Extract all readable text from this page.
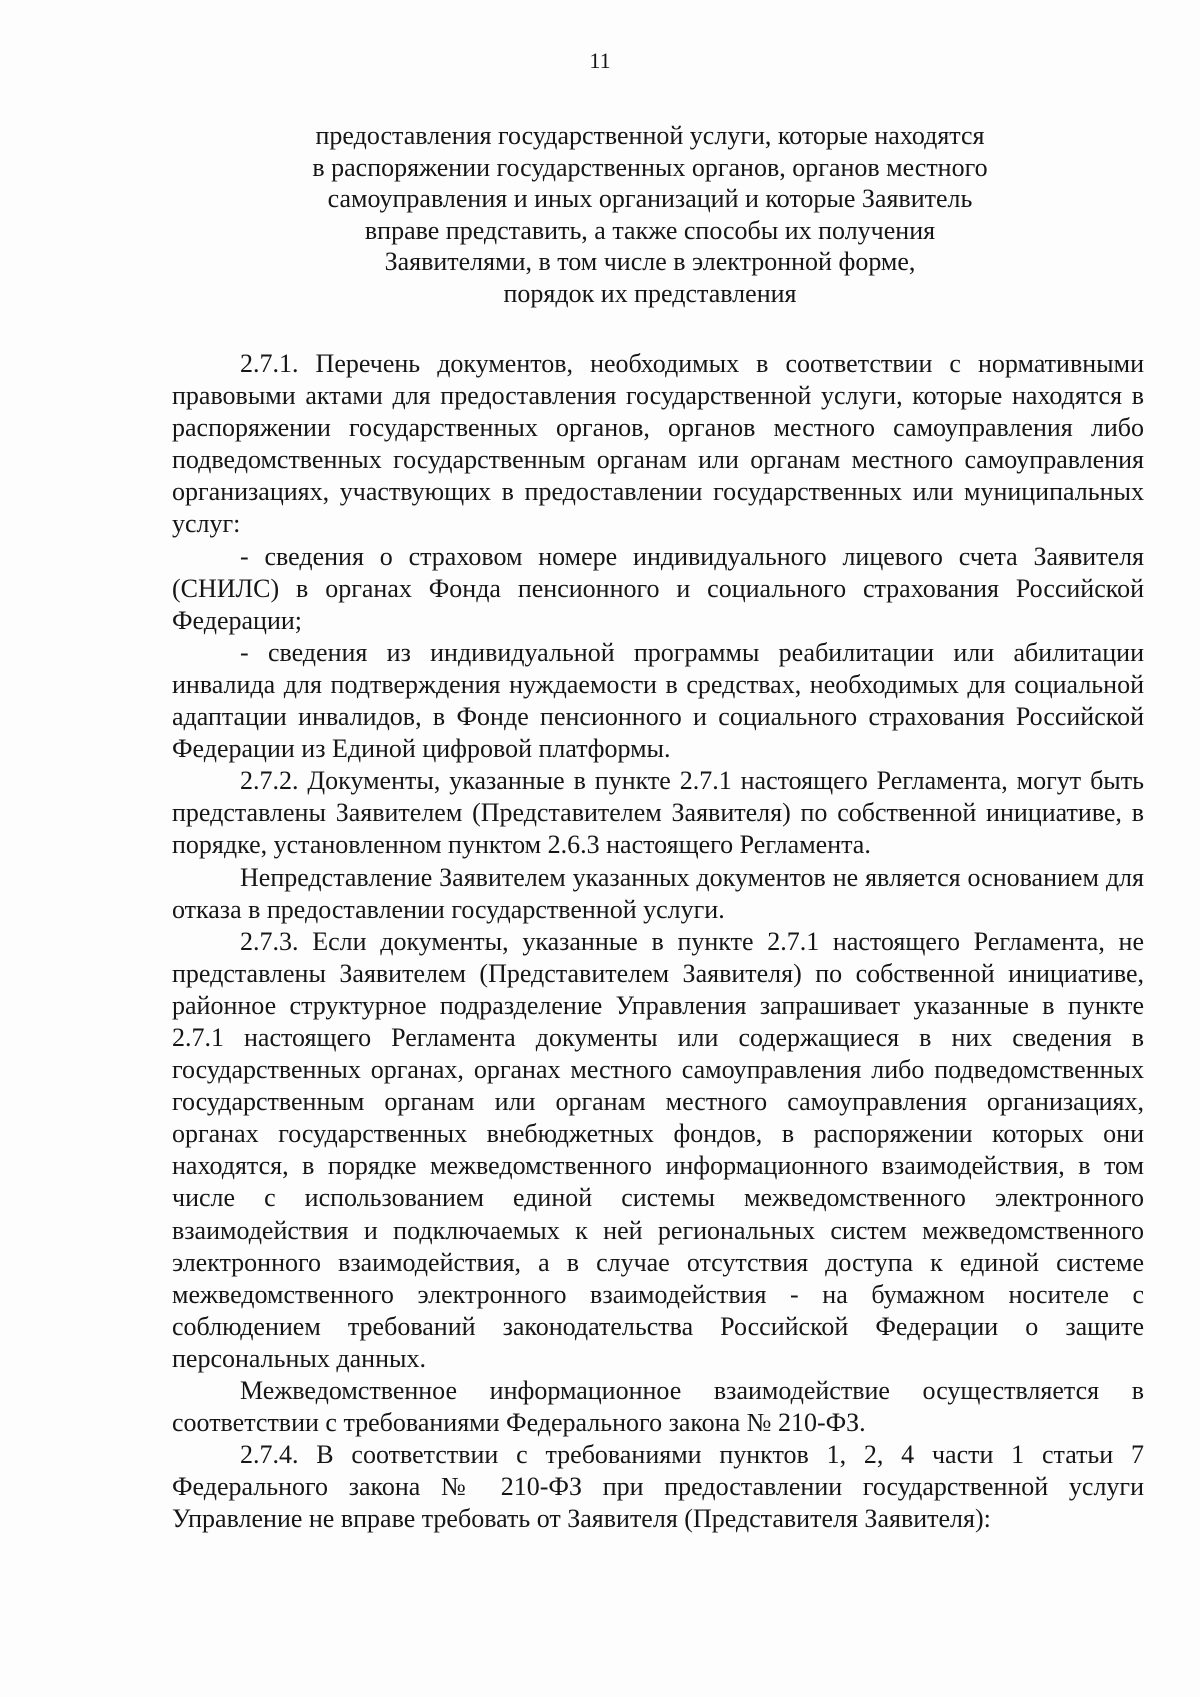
11
предоставления государственной услуги, которые находятся
в распоряжении государственных органов, органов местного
самоуправления и иных организаций и которые Заявитель
вправе представить, а также способы их получения
Заявителями, в том числе в электронной форме,
порядок их представления

2.7.1. Перечень документов, необходимых в соответствии с нормативными правовыми актами для предоставления государственной услуги, которые находятся в распоряжении государственных органов, органов местного самоуправления либо подведомственных государственным органам или органам местного самоуправления организациях, участвующих в предоставлении государственных или муниципальных услуг:

- сведения о страховом номере индивидуального лицевого счета Заявителя (СНИЛС) в органах Фонда пенсионного и социального страхования Российской Федерации;

- сведения из индивидуальной программы реабилитации или абилитации инвалида для подтверждения нуждаемости в средствах, необходимых для социальной адаптации инвалидов, в Фонде пенсионного и социального страхования Российской Федерации из Единой цифровой платформы.

2.7.2. Документы, указанные в пункте 2.7.1 настоящего Регламента, могут быть представлены Заявителем (Представителем Заявителя) по собственной инициативе, в порядке, установленном пунктом 2.6.3 настоящего Регламента.

Непредставление Заявителем указанных документов не является основанием для отказа в предоставлении государственной услуги.

2.7.3. Если документы, указанные в пункте 2.7.1 настоящего Регламента, не представлены Заявителем (Представителем Заявителя) по собственной инициативе, районное структурное подразделение Управления запрашивает указанные в пункте 2.7.1 настоящего Регламента документы или содержащиеся в них сведения в государственных органах, органах местного самоуправления либо подведомственных государственным органам или органам местного самоуправления организациях, органах государственных внебюджетных фондов, в распоряжении которых они находятся, в порядке межведомственного информационного взаимодействия, в том числе с использованием единой системы межведомственного электронного взаимодействия и подключаемых к ней региональных систем межведомственного электронного взаимодействия, а в случае отсутствия доступа к единой системе межведомственного электронного взаимодействия - на бумажном носителе с соблюдением требований законодательства Российской Федерации о защите персональных данных.

Межведомственное информационное взаимодействие осуществляется в соответствии с требованиями Федерального закона № 210-ФЗ.

2.7.4. В соответствии с требованиями пунктов 1, 2, 4 части 1 статьи 7 Федерального закона № 210-ФЗ при предоставлении государственной услуги Управление не вправе требовать от Заявителя (Представителя Заявителя):
